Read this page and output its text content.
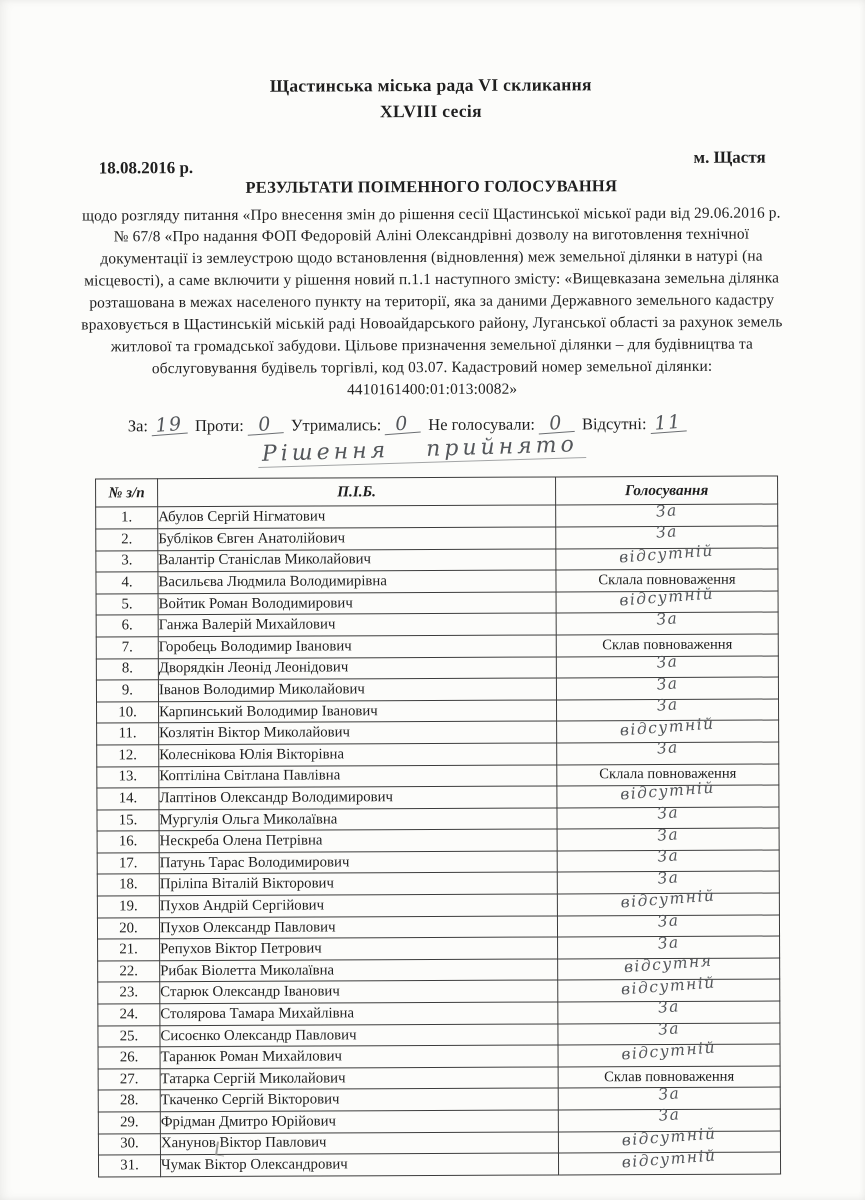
Щастинська міська рада VI скликання
XLVIII сесія
18.08.2016 р.
м. Щастя
РЕЗУЛЬТАТИ ПОІМЕННОГО ГОЛОСУВАННЯ
щодо розгляду питання «Про внесення змін до рішення сесії Щастинської міської ради від 29.06.2016 р. № 67/8 «Про надання ФОП Федоровій Аліні Олександрівні дозволу на виготовлення технічної документації із землеустрою щодо встановлення (відновлення) меж земельної ділянки в натурі (на місцевості), а саме включити у рішення новий п.1.1 наступного змісту: «Вищевказана земельна ділянка розташована в межах населеного пункту на території, яка за даними Державного земельного кадастру враховується в Щастинській міській раді Новоайдарського району, Луганської області за рахунок земель житлової та громадської забудови. Цільове призначення земельної ділянки – для будівництва та обслуговування будівель торгівлі, код 03.07. Кадастровий номер земельної ділянки: 4410161400:01:013:0082»
За: 19 Проти: 0	Утримались: 0	Не голосували: 0	Відсутні: 11
Рішення прийнято
№ з/п	П.І.Б.	Голосування
1.	Абулов Сергій Нігматович	За
2.	Бубліков Євген Анатолійович	За
3.	Валантір Станіслав Миколайович	відсутній
4.	Васильєва Людмила Володимирівна	Склала повноваження
5.	Войтик Роман Володимирович	відсутній
6.	Ганжа Валерій Михайлович	За
7.	Горобець Володимир Іванович	Склав повноваження
8.	Дворядкін Леонід Леонідович	За
9.	Іванов Володимир Миколайович	За
10.	Карпинський Володимир Іванович	За
11.	Козлятін Віктор Миколайович	відсутній
12.	Колеснікова Юлія Вікторівна	За
13.	Коптіліна Світлана Павлівна	Склала повноваження
14.	Лаптінов Олександр Володимирович	відсутній
15.	Мургулія Ольга Миколаївна	За
16.	Нескреба Олена Петрівна	За
17.	Патунь Тарас Володимирович	За
18.	Пріліпа Віталій Вікторович	За
19.	Пухов Андрій Сергійович	відсутній
20.	Пухов Олександр Павлович	За
21.	Репухов Віктор Петрович	За
22.	Рибак Віолетта Миколаївна	відсутня
23.	Старюк Олександр Іванович	відсутній
24.	Столярова Тамара Михайлівна	За
25.	Сисоєнко Олександр Павлович	За
26.	Таранюк Роман Михайлович	відсутній
27.	Татарка Сергій Миколайович	Склав повноваження
28.	Ткаченко Сергій Вікторович	За
29.	Фрідман Дмитро Юрійович	За
30.	Ханунов Віктор Павлович	відсутній
31.	Чумак Віктор Олександрович	відсутній
